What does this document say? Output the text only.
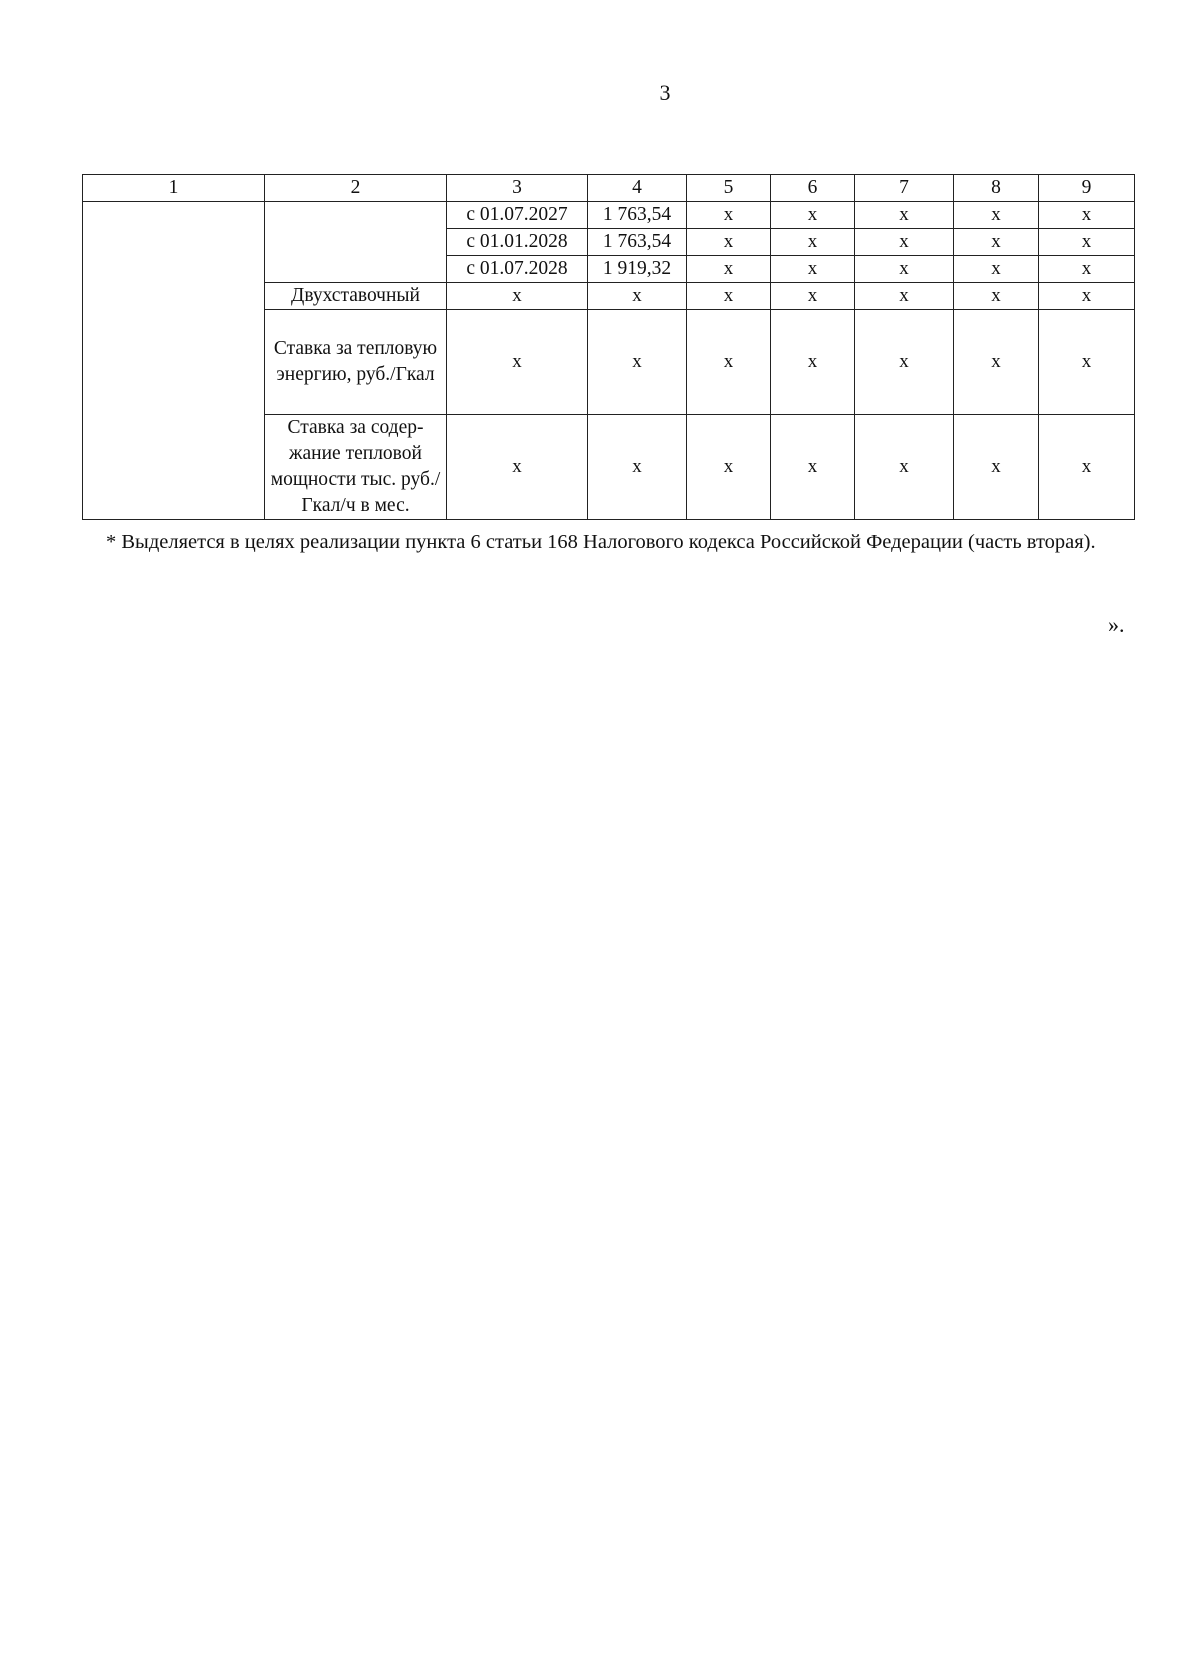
3
1	2	3	4	5	6	7	8	9
		с 01.07.2027	1 763,54	x	x	x	x	x
		с 01.01.2028	1 763,54	x	x	x	x	x
		с 01.07.2028	1 919,32	x	x	x	x	x
	Двухставочный	x	x	x	x	x	x	x
	Ставка за тепловую энергию, руб./Гкал	x	x	x	x	x	x	x
	Ставка за содер-жание тепловой мощности тыс. руб./Гкал/ч в мес.	x	x	x	x	x	x	x
* Выделяется в целях реализации пункта 6 статьи 168 Налогового кодекса Российской Федерации (часть вторая).
».
